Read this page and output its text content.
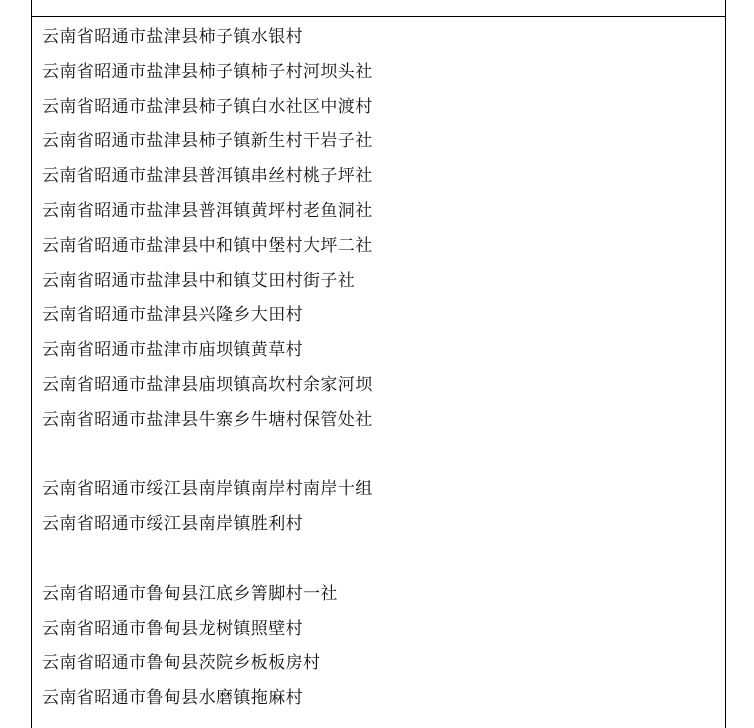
云南省昭通市盐津县柿子镇水银村
云南省昭通市盐津县柿子镇柿子村河坝头社
云南省昭通市盐津县柿子镇白水社区中渡村
云南省昭通市盐津县柿子镇新生村干岩子社
云南省昭通市盐津县普洱镇串丝村桃子坪社
云南省昭通市盐津县普洱镇黄坪村老鱼洞社
云南省昭通市盐津县中和镇中堡村大坪二社
云南省昭通市盐津县中和镇艾田村街子社
云南省昭通市盐津县兴隆乡大田村
云南省昭通市盐津市庙坝镇黄草村
云南省昭通市盐津县庙坝镇高坎村余家河坝
云南省昭通市盐津县牛寨乡牛塘村保管处社
云南省昭通市绥江县南岸镇南岸村南岸十组
云南省昭通市绥江县南岸镇胜利村
云南省昭通市鲁甸县江底乡箐脚村一社
云南省昭通市鲁甸县龙树镇照壁村
云南省昭通市鲁甸县茨院乡板板房村
云南省昭通市鲁甸县水磨镇拖麻村
